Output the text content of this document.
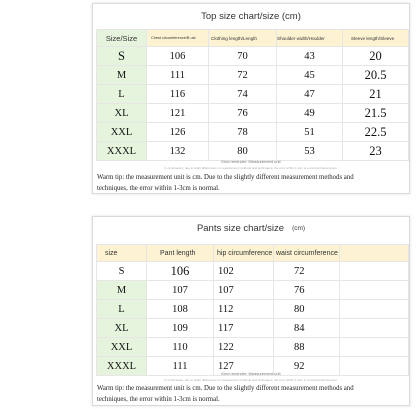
Top size chart/size (cm)
Size/Size	Chest circumference/B ust	Clothing length/Length	Shoulder width/Houlder	Sleeve length/Sleeve
S	106	70	43	20
M	111	72	45	20.5
L	116	74	47	21
XL	121	76	49	21.5
XXL	126	78	51	22.5
XXXL	132	80	53	23
Kind reminder: Measurement unit
In centimeters, due to slight differences in measurement methods and techniques, the error within 1-3cm is a normal phenomenon.
Warm tip: the measurement unit is cm. Due to the slightly different measurement methods and
techniques, the error within 1-3cm is normal.
Pants size chart/size (cm)
size	Pant length	hip circumference	waist circumference	
S	106	102	72	
M	107	107	76	
L	108	112	80	
XL	109	117	84	
XXL	110	122	88	
XXXL	111	127	92	
Kind reminder: Measurement unit
In centimeters, due to slight differences in measurement methods and techniques, the error within 1-3cm is a normal phenomenon.
Warm tip: the measurement unit is cm. Due to the slightly different measurement methods and
techniques, the error within 1-3cm is normal.
